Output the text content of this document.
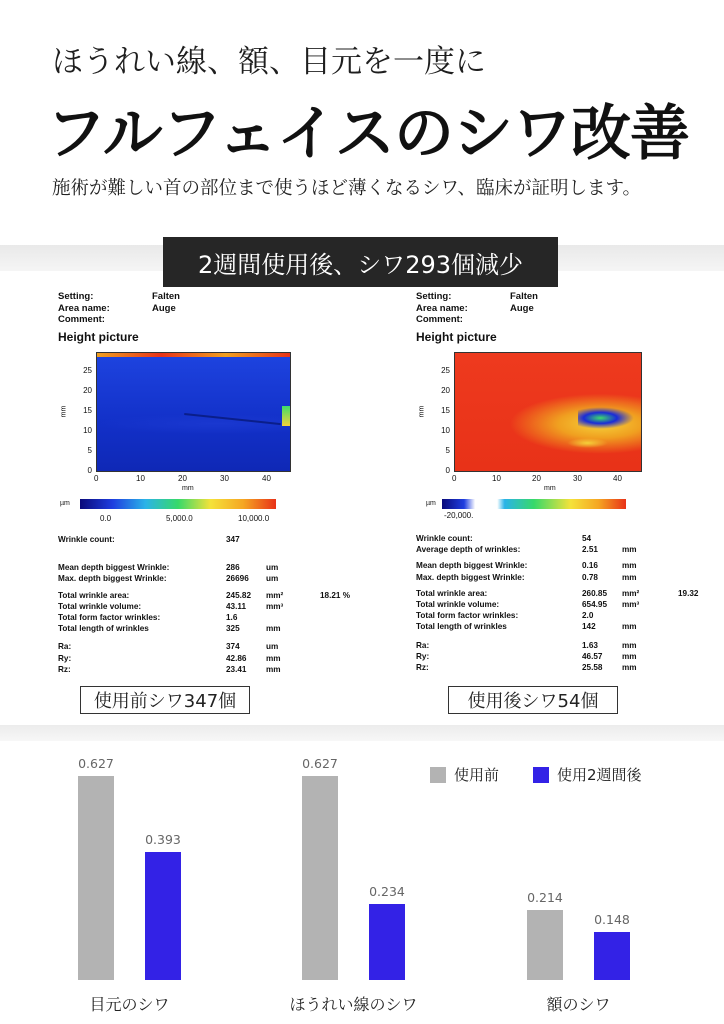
ほうれい線、額、目元を一度に
フルフェイスのシワ改善
施術が難しい首の部位まで使うほど薄くなるシワ、臨床が証明します。
2週間使用後、シワ293個減少
Setting:	Falten
Area name:	Auge
Comment:
Height picture
25
20
15
10
5
0
mm
0	10	20	30	40
mm
µm
0.0	5,000.0	10,000.0
Wrinkle count:	347
Mean depth biggest Wrinkle:	286	um
Max. depth biggest Wrinkle:	26696 um
Total wrinkle area:	245.82 mm²	18.21 %
Total wrinkle volume:	43.11 mm³
Total form factor wrinkles:	1.6
Total length of wrinkles	325	mm
Ra:	374	um
Ry:	42.86 mm
Rz:	23.41 mm
使用前シワ347個
Setting:	Falten
Area name:	Auge
Comment:
Height picture
25
20
15
10
5
0
mm
0	10	20	30	40
mm
µm
-20,000.
Wrinkle count:	54
Average depth of wrinkles:	2.51	mm
Mean depth biggest Wrinkle:	0.16	mm
Max. depth biggest Wrinkle:	0.78	mm
Total wrinkle area:	260.85 mm²	19.32
Total wrinkle volume:	654.95 mm³
Total form factor wrinkles:	2.0
Total length of wrinkles	142	mm
Ra:	1.63	mm
Ry:	46.57 mm
Rz:	25.58 mm
使用後シワ54個
使用前	使用2週間後
0.627
0.393
目元のシワ
0.627
0.234
ほうれい線のシワ
0.214
0.148
額のシワ
